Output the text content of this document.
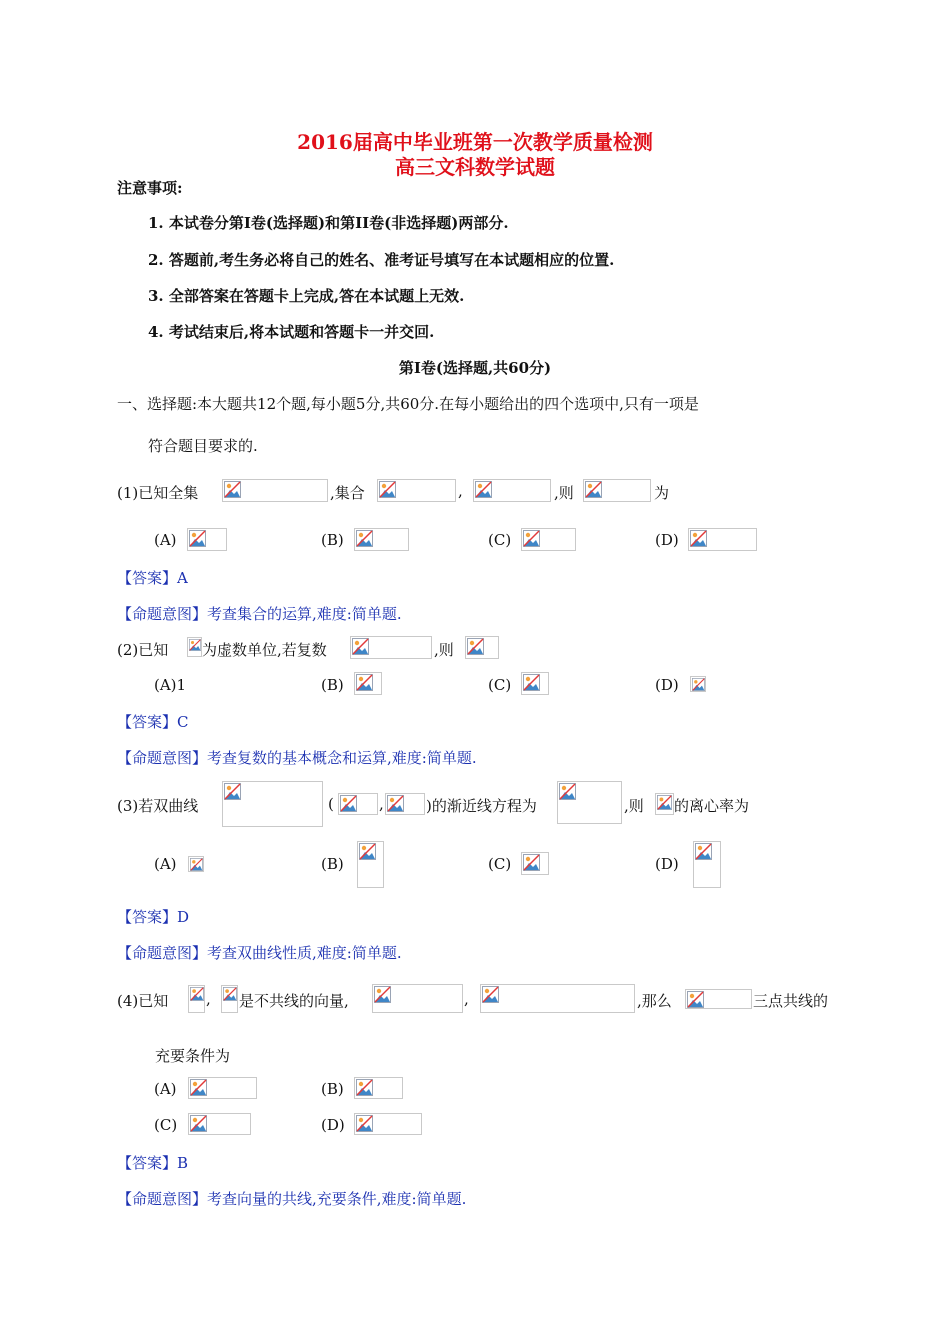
2016届高中毕业班第一次教学质量检测
高三文科数学试题
注意事项:
1. 本试卷分第I卷(选择题)和第II卷(非选择题)两部分.
2. 答题前,考生务必将自己的姓名、准考证号填写在本试题相应的位置.
3. 全部答案在答题卡上完成,答在本试题上无效.
4. 考试结束后,将本试题和答题卡一并交回.
第I卷(选择题,共60分)
一、选择题:本大题共12个题,每小题5分,共60分.在每小题给出的四个选项中,只有一项是
符合题目要求的.
(1)已知全集	,集合	,	,则	为
(A)	(B)	(C)	(D)
【答案】A
【命题意图】考查集合的运算,难度:简单题.
(2)已知 为虚数单位,若复数	,则
(A)1	(B)	(C)	(D)
【答案】C
【命题意图】考查复数的基本概念和运算,难度:简单题.
(3)若双曲线	(	,	)的渐近线方程为	,则 的离心率为
(A)	(B)	(C)	(D)
【答案】D
【命题意图】考查双曲线性质,难度:简单题.
(4)已知	, 是不共线的向量,	,	,那么	三点共线的
充要条件为
(A)	(B)
(C)	(D)
【答案】B
【命题意图】考查向量的共线,充要条件,难度:简单题.
